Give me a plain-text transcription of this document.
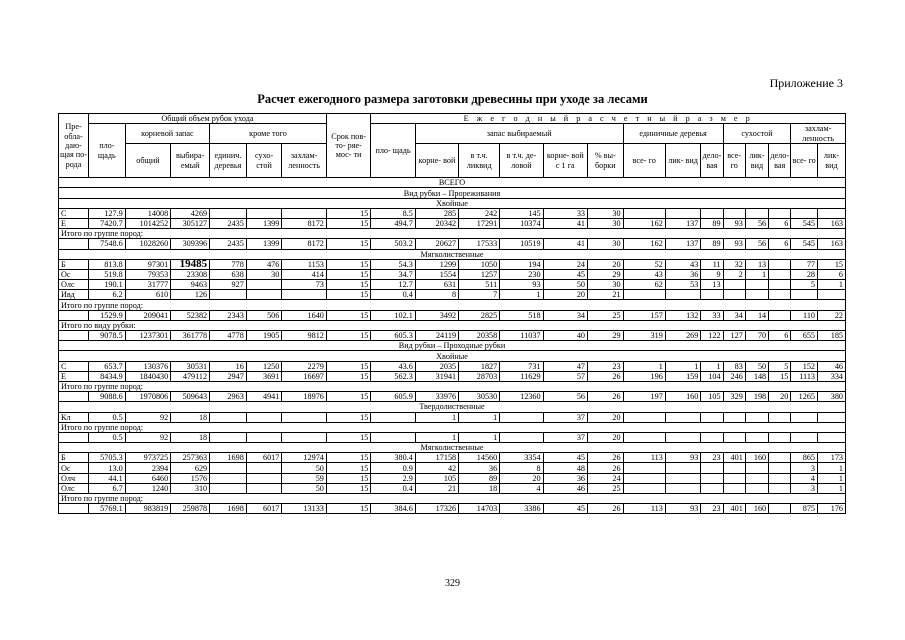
Приложение 3
Расчет ежегодного размера заготовки древесины при уходе за лесами
Пре- обла- даю- щая по- рода	Общий объем рубок ухода						Срок пов- то- ряе- мос- ти	Е ж е г о д н ы й р а с ч е т н ы й р а з м е р													
	пло- щадь	корневой запас		кроме того				пло- щадь	запас выбираемый					единичные деревья			сухостой			захлам- ленность	
		общий	выбира- емый	единич. деревья	сухо- стой	захлам- ленность			корне- вой	в т.ч. ликвид	в т.ч. де- ловой	корне- вой с 1 га	% вы- борки	все- го	лик- вид	дело- вая	все- го	лик- вид	дело- вая	все- го	лик- вид
ВСЕГО																					
Вид рубки – Прореживания																					
Хвойные																					
С	127.9	14008	4269				15	8.5	285	242	145	33	30								
Е	7420.7	1014252	305127	2435	1399	8172	15	494.7	20342	17291	10374	41	30	162	137	89	93	56	6	545	163
Итого по группе пород:																					
	7548.6	1028260	309396	2435	1399	8172	15	503.2	20627	17533	10519	41	30	162	137	89	93	56	6	545	163
Мягколиственные																					
Б	813.8	97301	19485	778	476	1153	15	54.3	1299	1050	194	24	20	52	43	11	32	13		77	15
Ос	519.8	79353	23308	638	30	414	15	34.7	1554	1257	230	45	29	43	36	9	2	1		28	6
Олс	190.1	31777	9463	927		73	15	12.7	631	511	93	50	30	62	53	13				5	1
Ивд	6.2	610	126				15	0.4	8	7	1	20	21								
Итого по группе пород:																					
	1529.9	209041	52382	2343	506	1640	15	102.1	3492	2825	518	34	25	157	132	33	34	14		110	22
Итого по виду рубки:																					
	9078.5	1237301	361778	4778	1905	9812	15	605.3	24119	20358	11037	40	29	319	269	122	127	70	6	655	185
Вид рубки – Проходные рубки																					
Хвойные																					
С	653.7	130376	30531	16	1250	2279	15	43.6	2035	1827	731	47	23	1	1	1	83	50	5	152	46
Е	8434.9	1840430	479112	2947	3691	16697	15	562.3	31941	28703	11629	57	26	196	159	104	246	148	15	1113	334
Итого по группе пород:																					
	9088.6	1970806	509643	2963	4941	18976	15	605.9	33976	30530	12360	56	26	197	160	105	329	198	20	1265	380
Твердолиственные																					
Кл	0.5	92	18				15		1	1		37	20								
Итого по группе пород:																					
	0.5	92	18				15		1	1		37	20								
Мягколиственные																					
Б	5705.3	973725	257363	1698	6017	12974	15	380.4	17158	14560	3354	45	26	113	93	23	401	160		865	173
Ос	13.0	2394	629			50	15	0.9	42	36	8	48	26							3	1
Олч	44.1	6460	1576			59	15	2.9	105	89	20	36	24							4	1
Олс	6.7	1240	310			50	15	0.4	21	18	4	46	25							3	1
Итого по группе пород:																					
	5769.1	983819	259878	1698	6017	13133	15	384.6	17326	14703	3386	45	26	113	93	23	401	160		875	176
329
